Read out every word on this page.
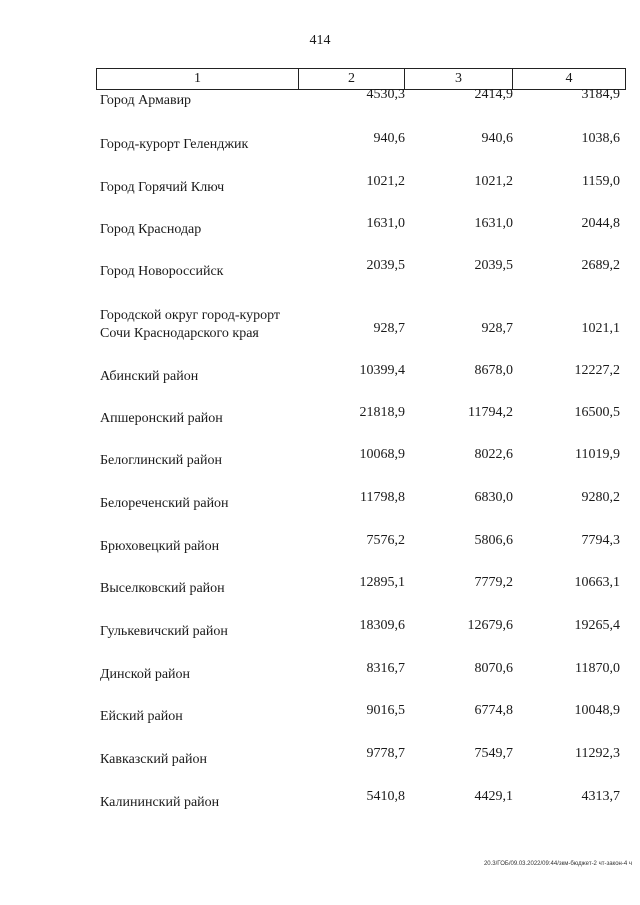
414
1	2	3	4
Город Армавир	4530,3	2414,9	3184,9
Город-курорт Геленджик	940,6	940,6	1038,6
Город Горячий Ключ	1021,2	1021,2	1159,0
Город Краснодар	1631,0	1631,0	2044,8
Город Новороссийск	2039,5	2039,5	2689,2
Городской округ город-курорт
Сочи Краснодарского края	928,7	928,7	1021,1
Абинский район	10399,4	8678,0	12227,2
Апшеронский район	21818,9	11794,2	16500,5
Белоглинский район	10068,9	8022,6	11019,9
Белореченский район	11798,8	6830,0	9280,2
Брюховецкий район	7576,2	5806,6	7794,3
Выселковский район	12895,1	7779,2	10663,1
Гулькевичский район	18309,6	12679,6	19265,4
Динской район	8316,7	8070,6	11870,0
Ейский район	9016,5	6774,8	10048,9
Кавказский район	9778,7	7549,7	11292,3
Калининский район	5410,8	4429,1	4313,7
20.3/ГОБ/09.03.2022/09:44/зкм-бюджет-2 чт-закон-4 ч
